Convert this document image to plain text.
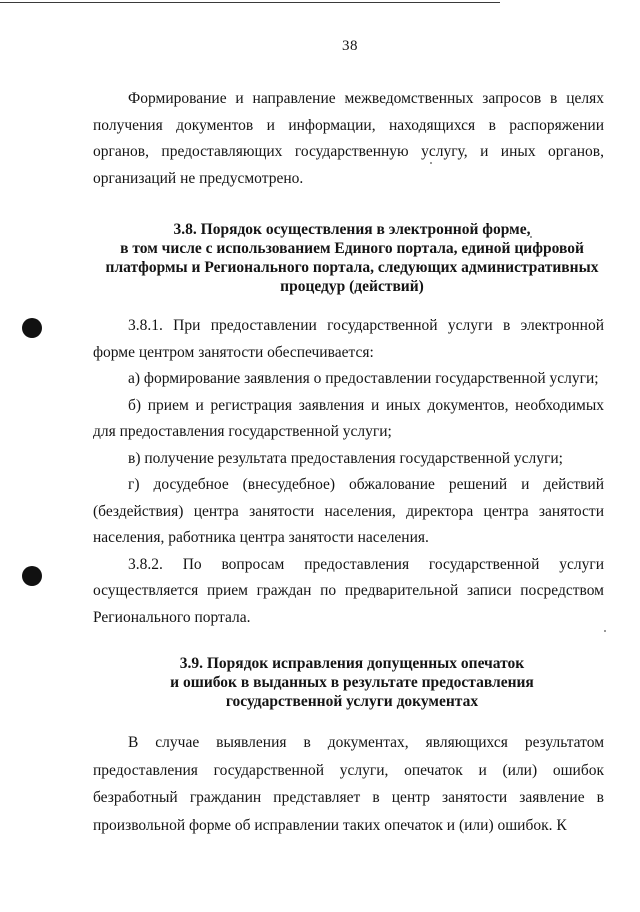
38

Формирование и направление межведомственных запросов в целях получения документов и информации, находящихся в распоряжении органов, предоставляющих государственную услугу, и иных органов, организаций не предусмотрено.

3.8. Порядок осуществления в электронной форме,
в том числе с использованием Единого портала, единой цифровой
платформы и Регионального портала, следующих административных
процедур (действий)

3.8.1. При предоставлении государственной услуги в электронной форме центром занятости обеспечивается:

а) формирование заявления о предоставлении государственной услуги;

б) прием и регистрация заявления и иных документов, необходимых для предоставления государственной услуги;

в) получение результата предоставления государственной услуги;

г) досудебное (внесудебное) обжалование решений и действий (бездействия) центра занятости населения, директора центра занятости населения, работника центра занятости населения.

3.8.2. По вопросам предоставления государственной услуги осуществляется прием граждан по предварительной записи посредством Регионального портала.

3.9. Порядок исправления допущенных опечаток
и ошибок в выданных в результате предоставления
государственной услуги документах

В случае выявления в документах, являющихся результатом предоставления государственной услуги, опечаток и (или) ошибок безработный гражданин представляет в центр занятости заявление в произвольной форме об исправлении таких опечаток и (или) ошибок. К
